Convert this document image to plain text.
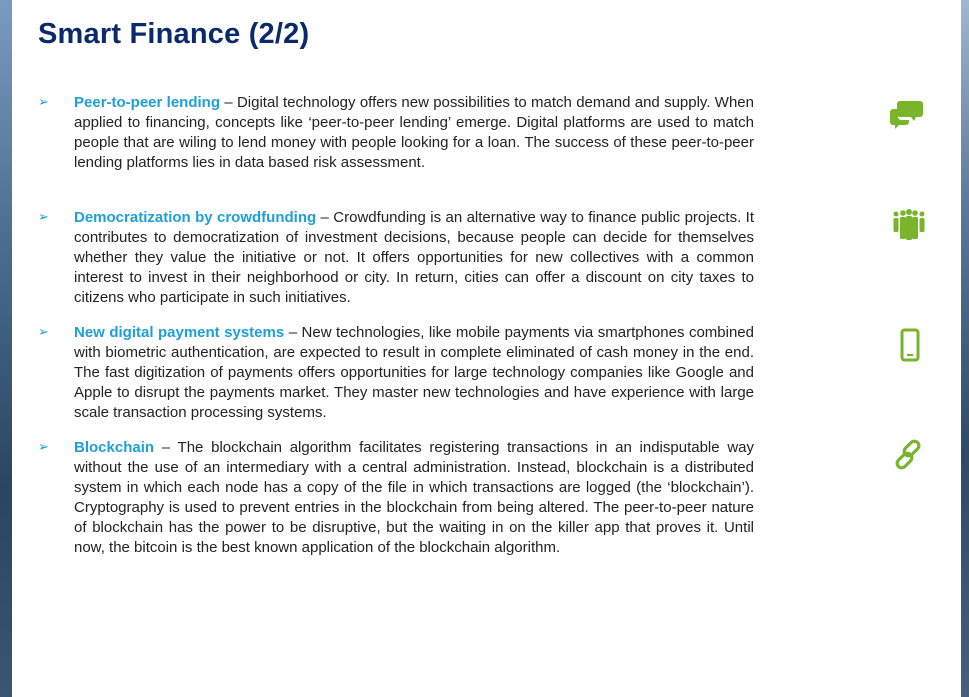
Smart Finance (2/2)
➢ Peer-to-peer lending – Digital technology offers new possibilities to match demand and supply. When applied to financing, concepts like ‘peer-to-peer lending’ emerge. Digital platforms are used to match people that are wiling to lend money with people looking for a loan. The success of these peer-to-peer lending platforms lies in data based risk assessment.

➢ Democratization by crowdfunding – Crowdfunding is an alternative way to finance public projects. It contributes to democratization of investment decisions, because people can decide for themselves whether they value the initiative or not. It offers opportunities for new collectives with a common interest to invest in their neighborhood or city. In return, cities can offer a discount on city taxes to citizens who participate in such initiatives.

➢ New digital payment systems – New technologies, like mobile payments via smartphones combined with biometric authentication, are expected to result in complete eliminated of cash money in the end. The fast digitization of payments offers opportunities for large technology companies like Google and Apple to disrupt the payments market. They master new technologies and have experience with large scale transaction processing systems.

➢ Blockchain – The blockchain algorithm facilitates registering transactions in an indisputable way without the use of an intermediary with a central administration. Instead, blockchain is a distributed system in which each node has a copy of the file in which transactions are logged (the ‘blockchain’). Cryptography is used to prevent entries in the blockchain from being altered. The peer-to-peer nature of blockchain has the power to be disruptive, but the waiting in on the killer app that proves it. Until now, the bitcoin is the best known application of the blockchain algorithm.
